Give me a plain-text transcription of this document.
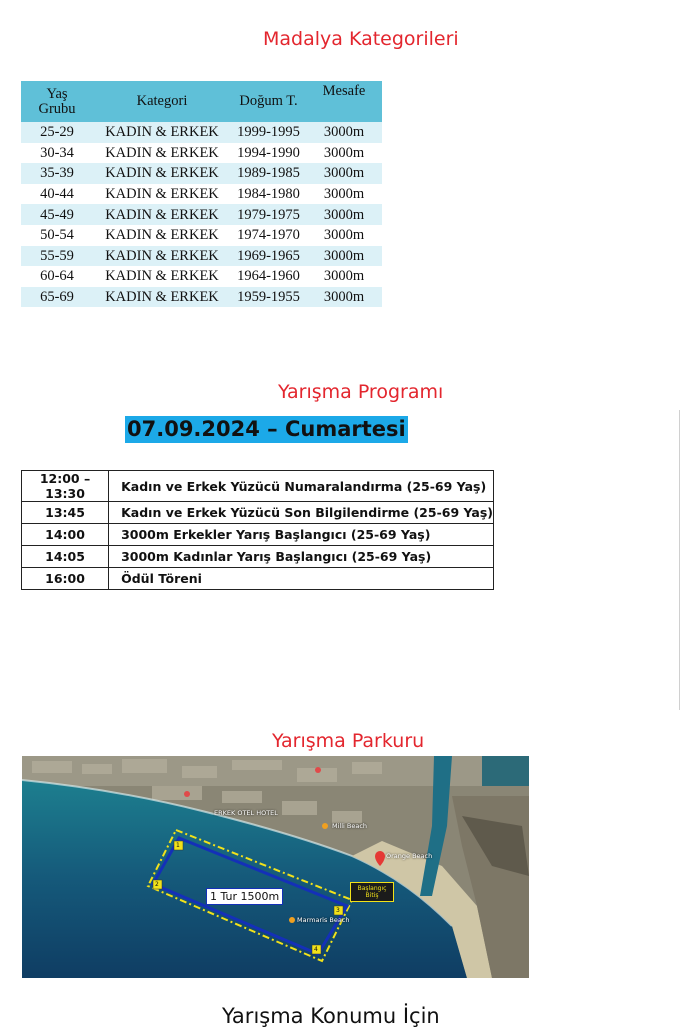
Madalya Kategorileri
Yaş Grubu	Kategori	Doğum T.	Mesafe
25-29	KADIN & ERKEK	1999-1995	3000m
30-34	KADIN & ERKEK	1994-1990	3000m
35-39	KADIN & ERKEK	1989-1985	3000m
40-44	KADIN & ERKEK	1984-1980	3000m
45-49	KADIN & ERKEK	1979-1975	3000m
50-54	KADIN & ERKEK	1974-1970	3000m
55-59	KADIN & ERKEK	1969-1965	3000m
60-64	KADIN & ERKEK	1964-1960	3000m
65-69	KADIN & ERKEK	1959-1955	3000m
Yarışma Programı
07.09.2024 – Cumartesi
12:00 – 13:30	Kadın ve Erkek Yüzücü Numaralandırma (25-69 Yaş)
13:45	Kadın ve Erkek Yüzücü Son Bilgilendirme (25-69 Yaş)
14:00	3000m Erkekler Yarış Başlangıcı (25-69 Yaş)
14:05	3000m Kadınlar Yarış Başlangıcı (25-69 Yaş)
16:00	Ödül Töreni
Yarışma Parkuru
ERKEK OTEL HOTEL
Milli Beach
Marmaris Beach
Orange Beach
1 Tur 1500m
Başlangıç Bitiş
1
2
3
4
Yarışma Konumu İçin
